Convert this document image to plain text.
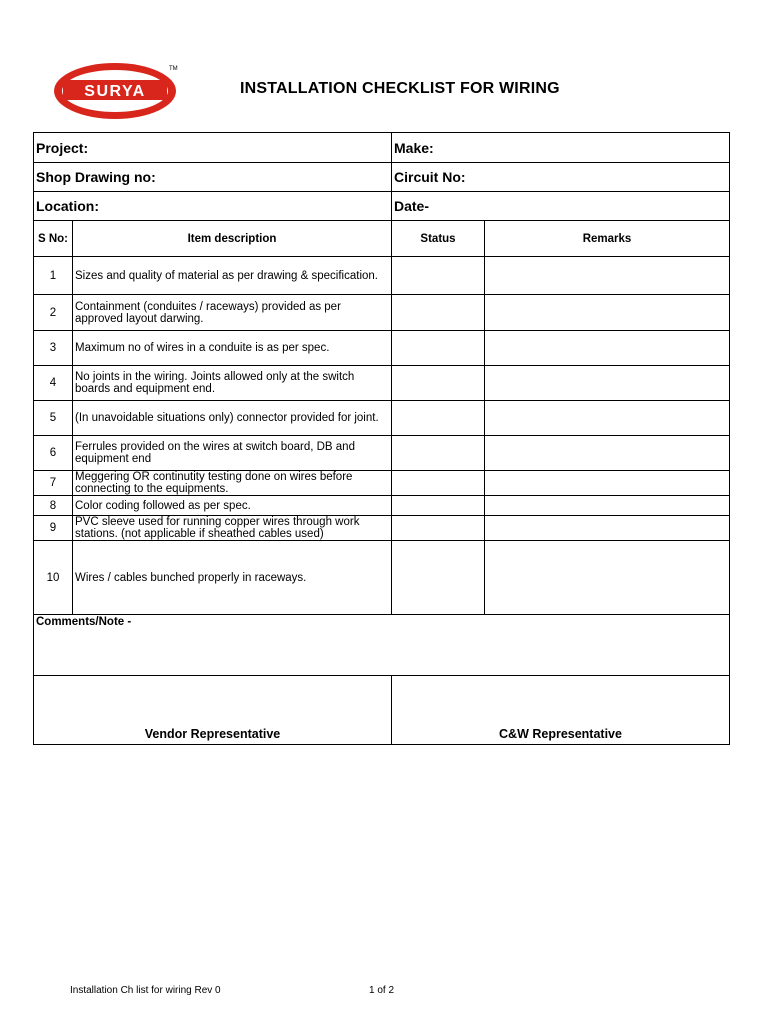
SURYA
TM
INSTALLATION CHECKLIST FOR WIRING
Project:		Make:	
Shop Drawing no:		Circuit No:	
Location:		Date-	
S No:	Item description	Status	Remarks
1	Sizes and quality of material as per drawing & specification.		
2	Containment (conduites / raceways) provided as per approved layout darwing.		
3	Maximum no of wires in a conduite is as per spec.		
4	No joints in the wiring. Joints allowed only at the switch boards and equipment end.		
5	(In unavoidable situations only) connector provided for joint.		
6	Ferrules provided on the wires at switch board, DB and equipment end		
7	Meggering OR continutity testing done on wires before connecting to the equipments.		
8	Color coding followed as per spec.		
9	PVC sleeve used for running copper wires through work stations. (not applicable if sheathed cables used)		
10	Wires / cables bunched properly in raceways.		
Comments/Note -			
Vendor Representative		C&W Representative	
Installation Ch list for wiring Rev 0	1 of 2
